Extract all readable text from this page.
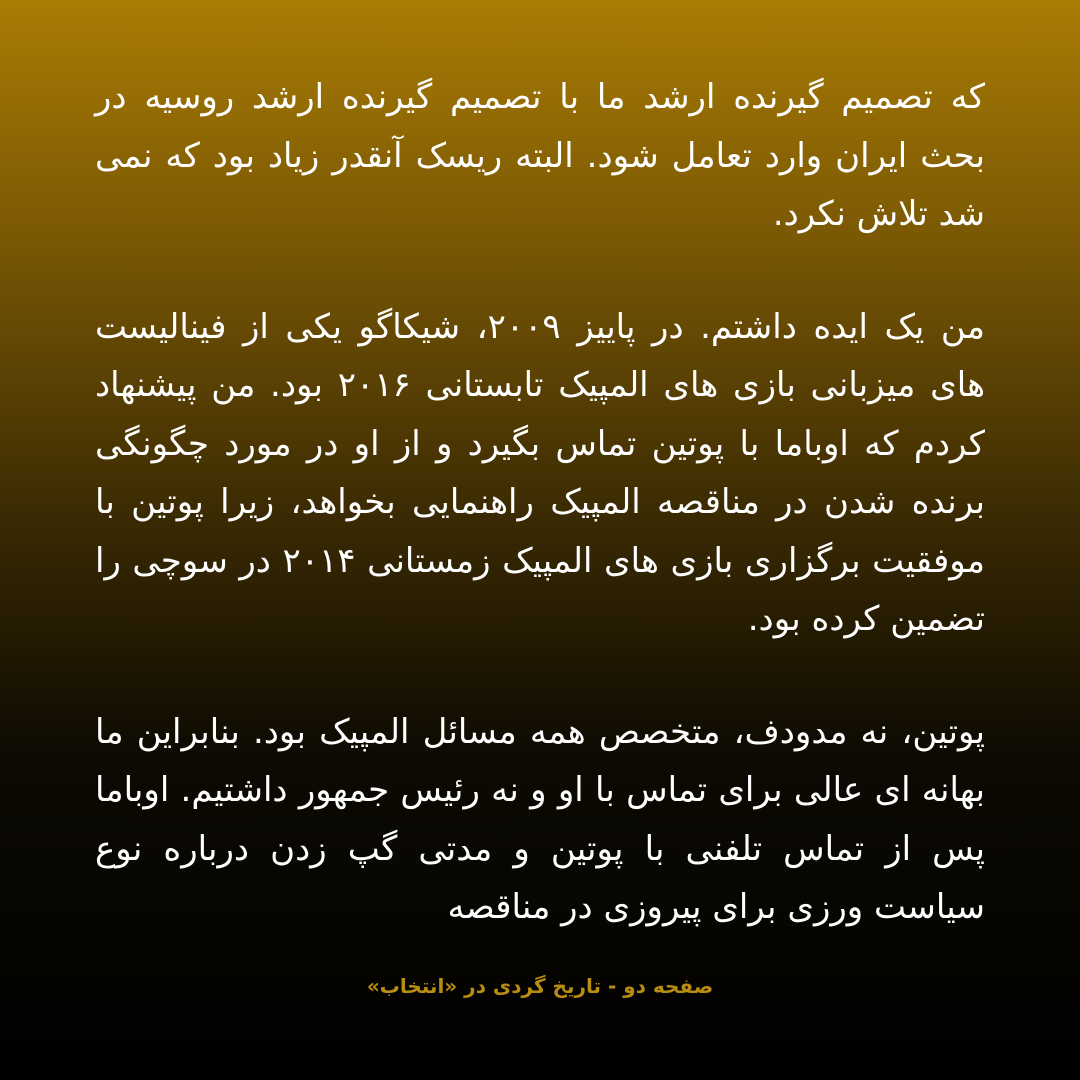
که تصمیم گیرنده ارشد ما با تصمیم گیرنده ارشد روسیه در بحث ایران وارد تعامل شود. البته ریسک آنقدر زیاد بود که نمی شد تلاش نکرد.

من یک ایده داشتم. در پاییز ۲۰۰۹، شیکاگو یکی از فینالیست های میزبانی بازی های المپیک تابستانی ۲۰۱۶ بود. من پیشنهاد کردم که اوباما با پوتین تماس بگیرد و از او در مورد چگونگی برنده شدن در مناقصه المپیک راهنمایی بخواهد، زیرا پوتین با موفقیت برگزاری بازی های المپیک زمستانی ۲۰۱۴ در سوچی را تضمین کرده بود.

پوتین، نه مدودف، متخصص همه مسائل المپیک بود. بنابراین ما بهانه ای عالی برای تماس با او و نه رئیس جمهور داشتیم. اوباما پس از تماس تلفنی با پوتین و مدتی گپ زدن درباره نوع سیاست ورزی برای پیروزی در مناقصه

صفحه دو - تاریخ گردی در «انتخاب»
